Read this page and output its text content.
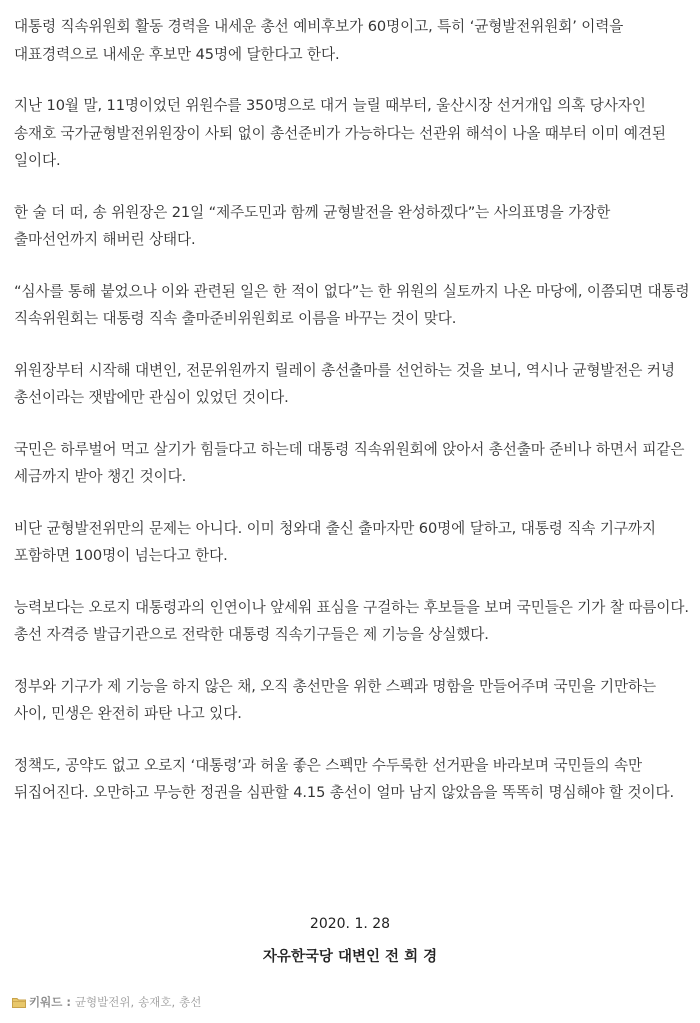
대통령 직속위원회 활동 경력을 내세운 총선 예비후보가 60명이고, 특히 ‘균형발전위원회’ 이력을 대표경력으로 내세운 후보만 45명에 달한다고 한다.

지난 10월 말, 11명이었던 위원수를 350명으로 대거 늘릴 때부터, 울산시장 선거개입 의혹 당사자인 송재호 국가균형발전위원장이 사퇴 없이 총선준비가 가능하다는 선관위 해석이 나올 때부터 이미 예견된 일이다.

한 술 더 떠, 송 위원장은 21일 “제주도민과 함께 균형발전을 완성하겠다”는 사의표명을 가장한 출마선언까지 해버린 상태다.

“심사를 통해 붙었으나 이와 관련된 일은 한 적이 없다”는 한 위원의 실토까지 나온 마당에, 이쯤되면 대통령 직속위원회는 대통령 직속 출마준비위원회로 이름을 바꾸는 것이 맞다.

위원장부터 시작해 대변인, 전문위원까지 릴레이 총선출마를 선언하는 것을 보니, 역시나 균형발전은 커녕 총선이라는 잿밥에만 관심이 있었던 것이다.

국민은 하루벌어 먹고 살기가 힘들다고 하는데 대통령 직속위원회에 앉아서 총선출마 준비나 하면서 피같은 세금까지 받아 챙긴 것이다.

비단 균형발전위만의 문제는 아니다. 이미 청와대 출신 출마자만 60명에 달하고, 대통령 직속 기구까지 포함하면 100명이 넘는다고 한다.

능력보다는 오로지 대통령과의 인연이나 앞세워 표심을 구걸하는 후보들을 보며 국민들은 기가 찰 따름이다. 총선 자격증 발급기관으로 전락한 대통령 직속기구들은 제 기능을 상실했다.

정부와 기구가 제 기능을 하지 않은 채, 오직 총선만을 위한 스펙과 명함을 만들어주며 국민을 기만하는 사이, 민생은 완전히 파탄 나고 있다.

정책도, 공약도 없고 오로지 ‘대통령’과 허울 좋은 스펙만 수두룩한 선거판을 바라보며 국민들의 속만 뒤집어진다. 오만하고 무능한 정권을 심판할 4.15 총선이 얼마 남지 않았음을 똑똑히 명심해야 할 것이다.

2020. 1. 28
자유한국당 대변인 전 희 경
키워드 : 균형발전위 , 송재호 , 총선
